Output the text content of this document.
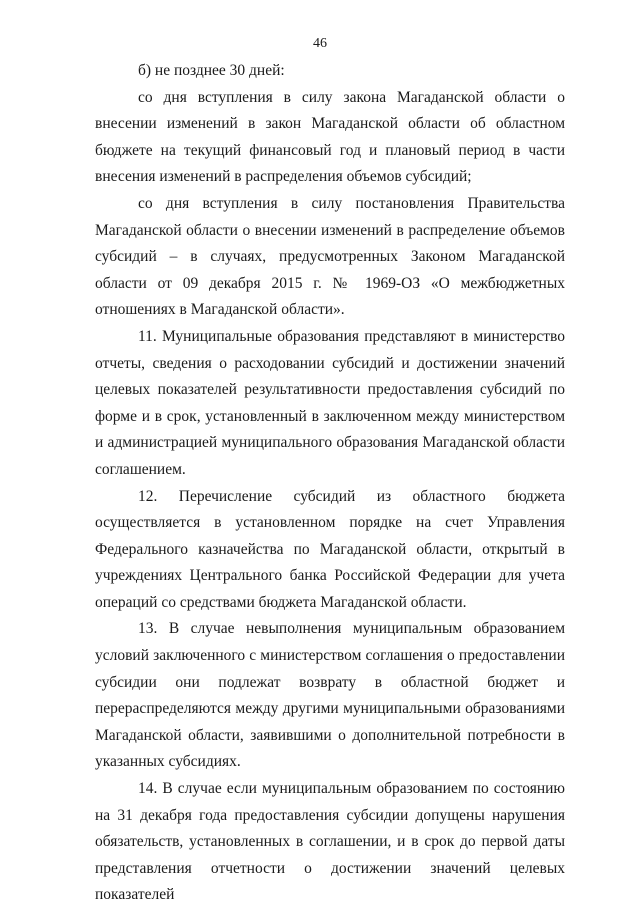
46

б) не позднее 30 дней:

со дня вступления в силу закона Магаданской области о внесении изменений в закон Магаданской области об областном бюджете на текущий финансовый год и плановый период в части внесения изменений в распределения объемов субсидий;

со дня вступления в силу постановления Правительства Магаданской области о внесении изменений в распределение объемов субсидий – в случаях, предусмотренных Законом Магаданской области от 09 декабря 2015 г. № 1969-ОЗ «О межбюджетных отношениях в Магаданской области».

11. Муниципальные образования представляют в министерство отчеты, сведения о расходовании субсидий и достижении значений целевых показателей результативности предоставления субсидий по форме и в срок, установленный в заключенном между министерством и администрацией муниципального образования Магаданской области соглашением.

12. Перечисление субсидий из областного бюджета осуществляется в установленном порядке на счет Управления Федерального казначейства по Магаданской области, открытый в учреждениях Центрального банка Российской Федерации для учета операций со средствами бюджета Магаданской области.

13. В случае невыполнения муниципальным образованием условий заключенного с министерством соглашения о предоставлении субсидии они подлежат возврату в областной бюджет и перераспределяются между другими муниципальными образованиями Магаданской области, заявившими о дополнительной потребности в указанных субсидиях.

14. В случае если муниципальным образованием по состоянию на 31 декабря года предоставления субсидии допущены нарушения обязательств, установленных в соглашении, и в срок до первой даты представления отчетности о достижении значений целевых показателей
